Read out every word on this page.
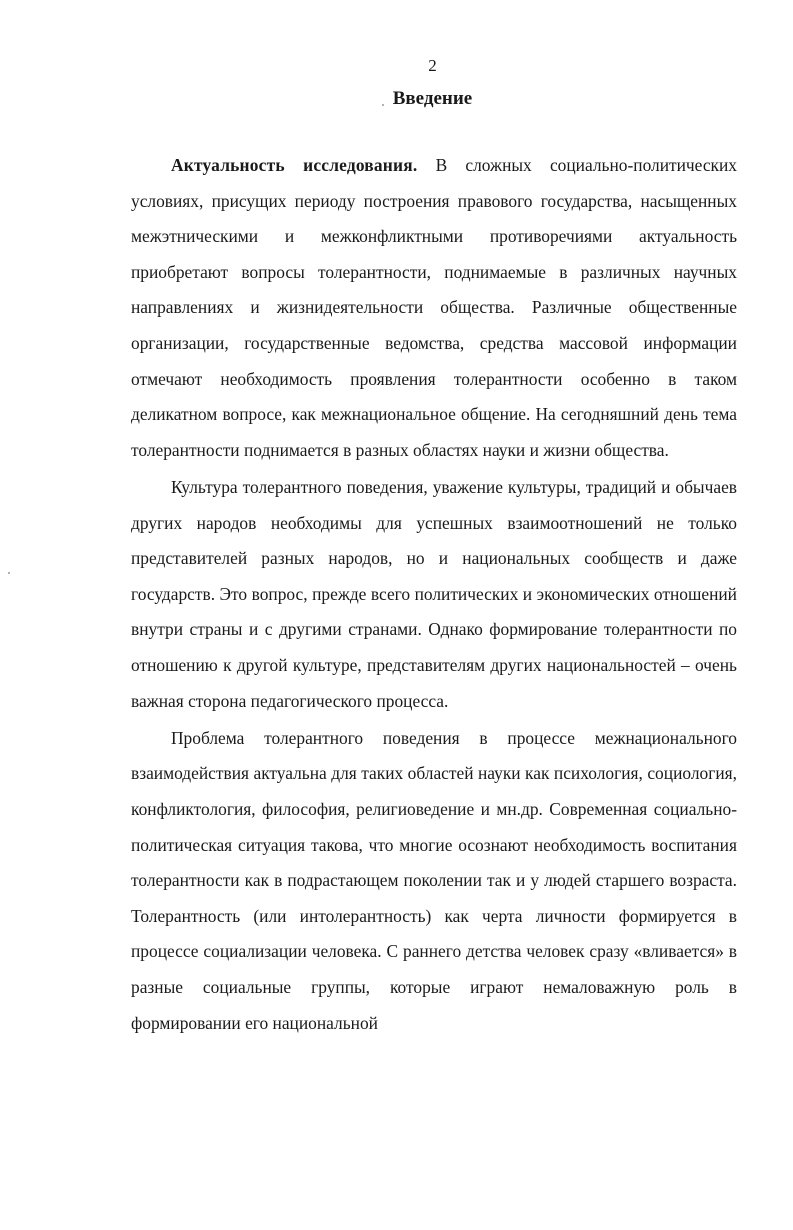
2
Введение

Актуальность исследования. В сложных социально-политических условиях, присущих периоду построения правового государства, насыщенных межэтническими и межконфликтными противоречиями актуальность приобретают вопросы толерантности, поднимаемые в различных научных направлениях и жизнидеятельности общества. Различные общественные организации, государственные ведомства, средства массовой информации отмечают необходимость проявления толерантности особенно в таком деликатном вопросе, как межнациональное общение. На сегодняшний день тема толерантности поднимается в разных областях науки и жизни общества.

Культура толерантного поведения, уважение культуры, традиций и обычаев других народов необходимы для успешных взаимоотношений не только представителей разных народов, но и национальных сообществ и даже государств. Это вопрос, прежде всего политических и экономических отношений внутри страны и с другими странами. Однако формирование толерантности по отношению к другой культуре, представителям других национальностей – очень важная сторона педагогического процесса.

Проблема толерантного поведения в процессе межнационального взаимодействия актуальна для таких областей науки как психология, социология, конфликтология, философия, религиоведение и мн.др. Современная социально-политическая ситуация такова, что многие осознают необходимость воспитания толерантности как в подрастающем поколении так и у людей старшего возраста. Толерантность (или интолерантность) как черта личности формируется в процессе социализации человека. С раннего детства человек сразу «вливается» в разные социальные группы, которые играют немаловажную роль в формировании его национальной
